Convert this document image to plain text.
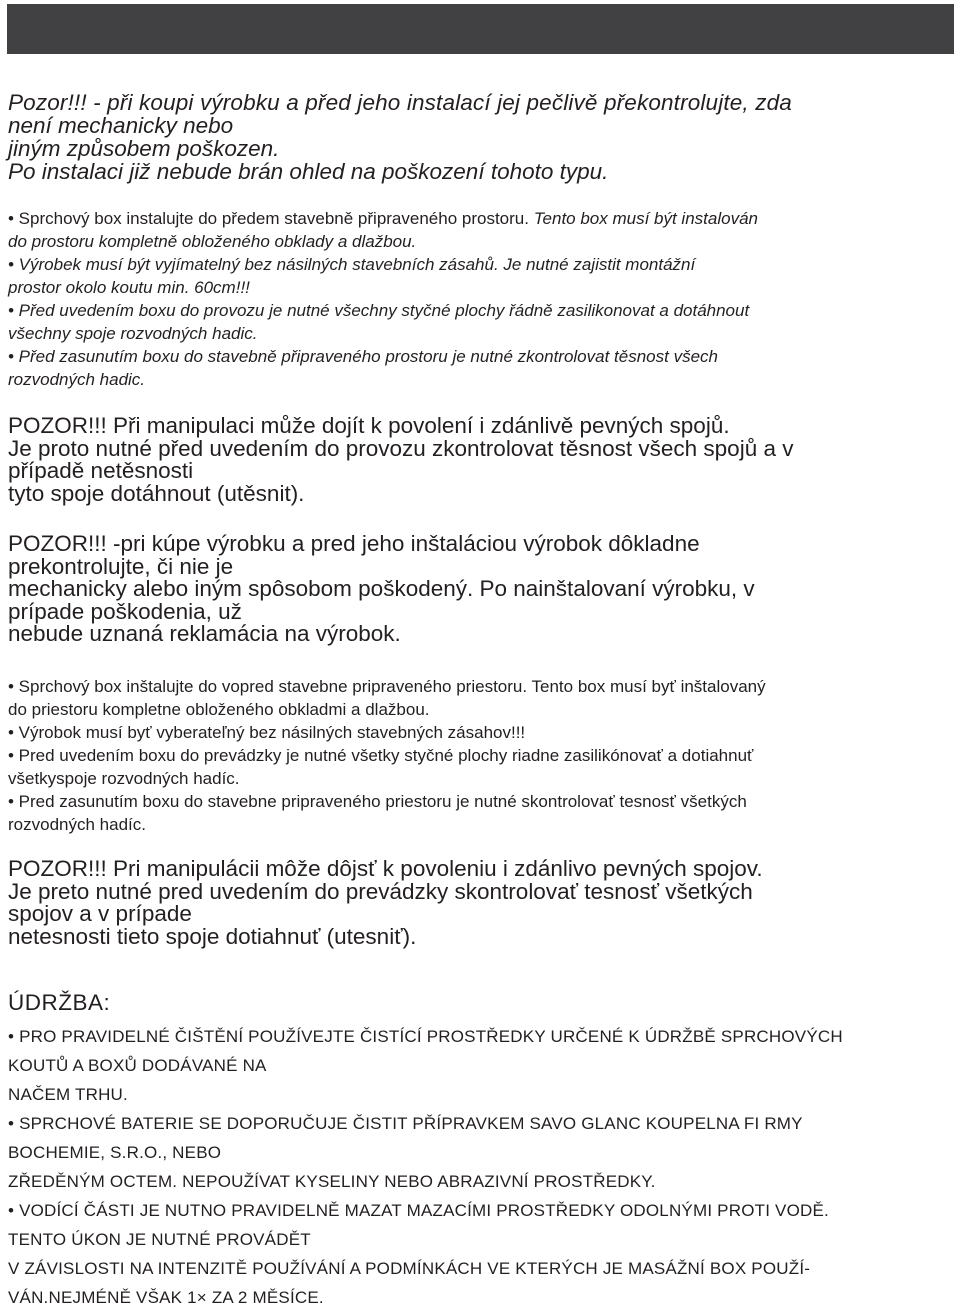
Pozor!!! - při koupi výrobku a před jeho instalací jej pečlivě překontrolujte, zda
není mechanicky nebo
jiným způsobem poškozen.
Po instalaci již nebude brán ohled na poškození tohoto typu.
• Sprchový box instalujte do předem stavebně připraveného prostoru. Tento box musí být instalován
do prostoru kompletně obloženého obklady a dlažbou.
• Výrobek musí být vyjímatelný bez násilných stavebních zásahů. Je nutné zajistit montážní
prostor okolo koutu min. 60cm!!!
• Před uvedením boxu do provozu je nutné všechny styčné plochy řádně zasilikonovat a dotáhnout
všechny spoje rozvodných hadic.
• Před zasunutím boxu do stavebně připraveného prostoru je nutné zkontrolovat těsnost všech
rozvodných hadic.
POZOR!!! Při manipulaci může dojít k povolení i zdánlivě pevných spojů.
Je proto nutné před uvedením do provozu zkontrolovat těsnost všech spojů a v
případě netěsnosti
tyto spoje dotáhnout (utěsnit).
POZOR!!! -pri kúpe výrobku a pred jeho inštaláciou výrobok dôkladne
prekontrolujte, či nie je
mechanicky alebo iným spôsobom poškodený. Po nainštalovaní výrobku, v
prípade poškodenia, už
nebude uznaná reklamácia na výrobok.
• Sprchový box inštalujte do vopred stavebne pripraveného priestoru. Tento box musí byť inštalovaný
do priestoru kompletne obloženého obkladmi a dlažbou.
• Výrobok musí byť vyberateľný bez násilných stavebných zásahov!!!
• Pred uvedením boxu do prevádzky je nutné všetky styčné plochy riadne zasilikónovať a dotiahnuť
všetkyspoje rozvodných hadíc.
• Pred zasunutím boxu do stavebne pripraveného priestoru je nutné skontrolovať tesnosť všetkých
rozvodných hadíc.
POZOR!!! Pri manipulácii môže dôjsť k povoleniu i zdánlivo pevných spojov.
Je preto nutné pred uvedením do prevádzky skontrolovať tesnosť všetkých
spojov a v prípade
netesnosti tieto spoje dotiahnuť (utesniť).
ÚDRŽBA:
• PRO PRAVIDELNÉ ČIŠTĚNÍ POUŽÍVEJTE ČISTÍCÍ PROSTŘEDKY URČENÉ K ÚDRŽBĚ SPRCHOVÝCH
KOUTŮ A BOXŮ DODÁVANÉ NA
NAČEM TRHU.
• SPRCHOVÉ BATERIE SE DOPORUČUJE ČISTIT PŘÍPRAVKEM SAVO GLANC KOUPELNA FI RMY
BOCHEMIE, S.R.O., NEBO
ZŘEDĚNÝM OCTEM. NEPOUŽÍVAT KYSELINY NEBO ABRAZIVNÍ PROSTŘEDKY.
• VODÍCÍ ČÁSTI JE NUTNO PRAVIDELNĚ MAZAT MAZACÍMI PROSTŘEDKY ODOLNÝMI PROTI VODĚ.
TENTO ÚKON JE NUTNÉ PROVÁDĚT
V ZÁVISLOSTI NA INTENZITĚ POUŽÍVÁNÍ A PODMÍNKÁCH VE KTERÝCH JE MASÁŽNÍ BOX POUŽÍ-
VÁN.NEJMÉNĚ VŠAK 1× ZA 2 MĚSÍCE.
